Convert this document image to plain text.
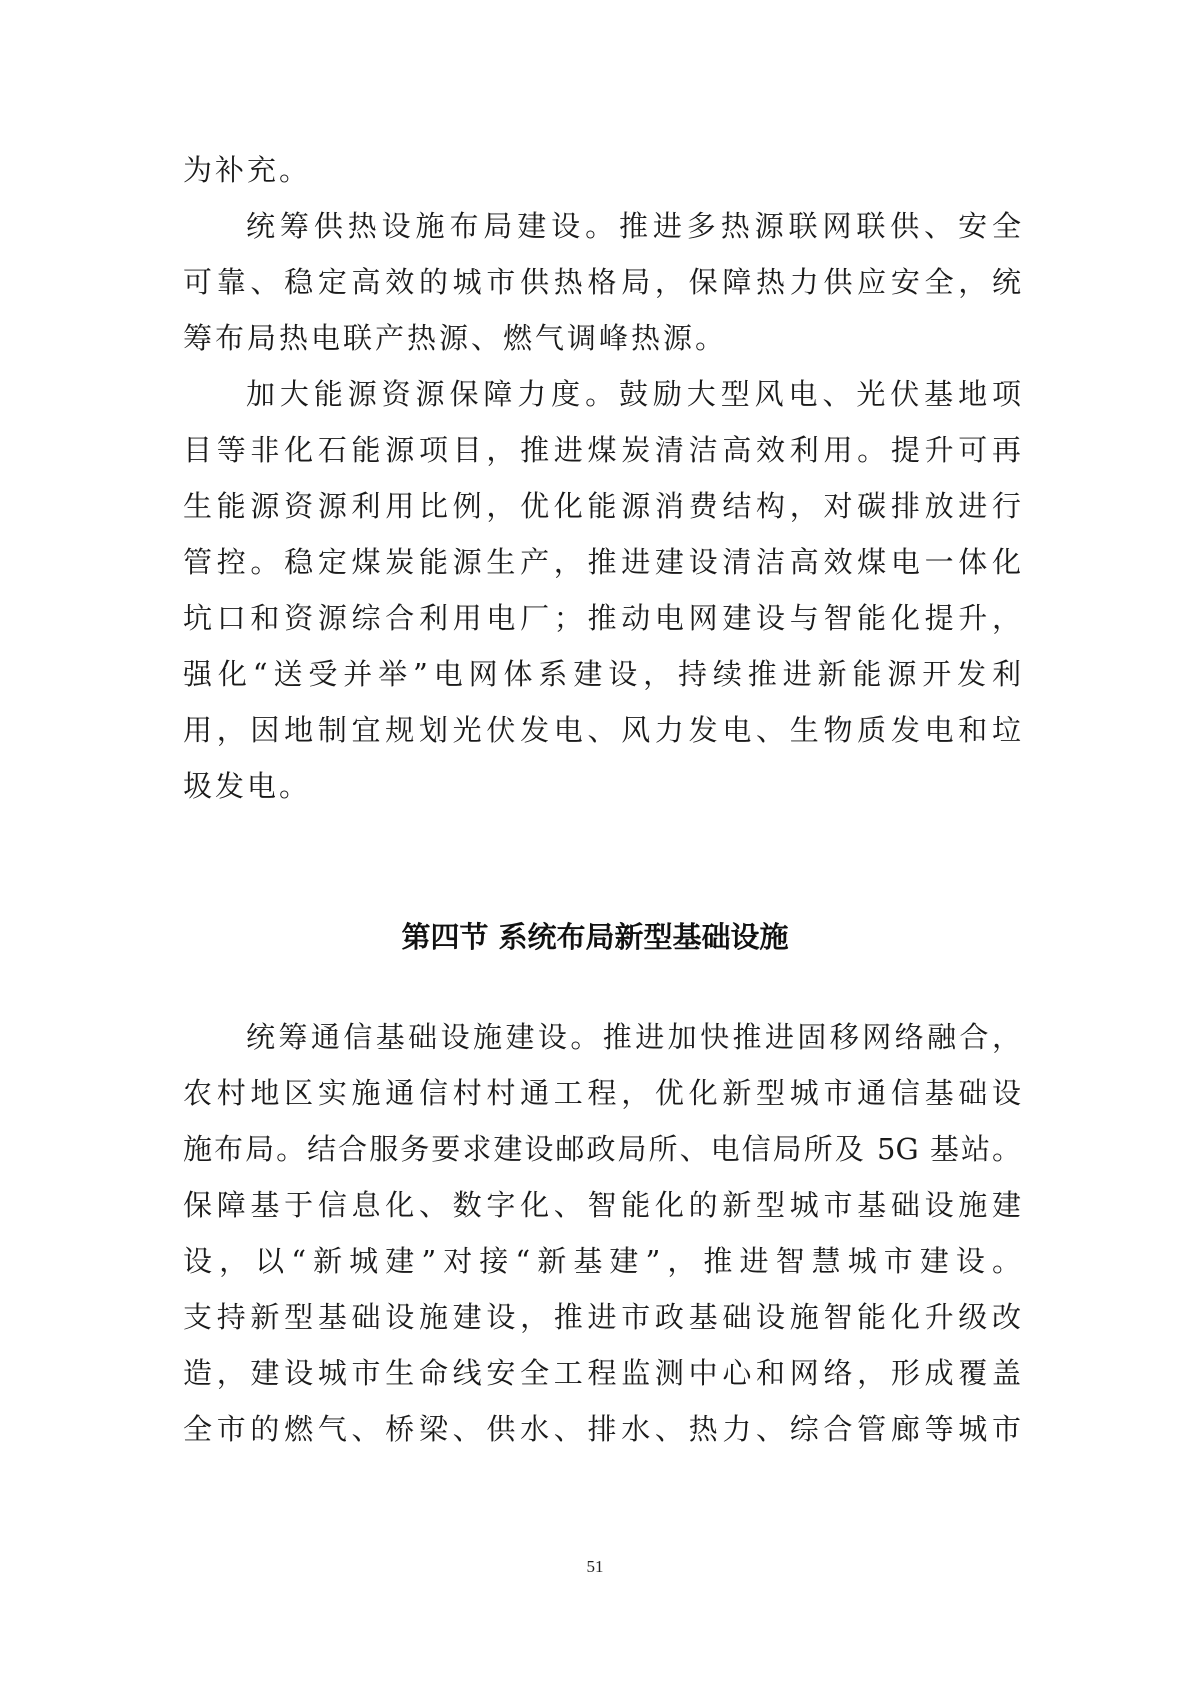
为补充。
统筹供热设施布局建设。推进多热源联网联供、安全
可靠、稳定高效的城市供热格局，保障热力供应安全，统
筹布局热电联产热源、燃气调峰热源。
加大能源资源保障力度。鼓励大型风电、光伏基地项
目等非化石能源项目，推进煤炭清洁高效利用。提升可再
生能源资源利用比例，优化能源消费结构，对碳排放进行
管控。稳定煤炭能源生产，推进建设清洁高效煤电一体化
坑口和资源综合利用电厂；推动电网建设与智能化提升，
强化“送受并举”电网体系建设，持续推进新能源开发利
用，因地制宜规划光伏发电、风力发电、生物质发电和垃
圾发电。
第四节 系统布局新型基础设施
统筹通信基础设施建设。推进加快推进固移网络融合，
农村地区实施通信村村通工程，优化新型城市通信基础设
施布局。结合服务要求建设邮政局所、电信局所及 5G 基站。
保障基于信息化、数字化、智能化的新型城市基础设施建
设，以“新城建”对接“新基建”，推进智慧城市建设。
支持新型基础设施建设，推进市政基础设施智能化升级改
造，建设城市生命线安全工程监测中心和网络，形成覆盖
全市的燃气、桥梁、供水、排水、热力、综合管廊等城市
51
